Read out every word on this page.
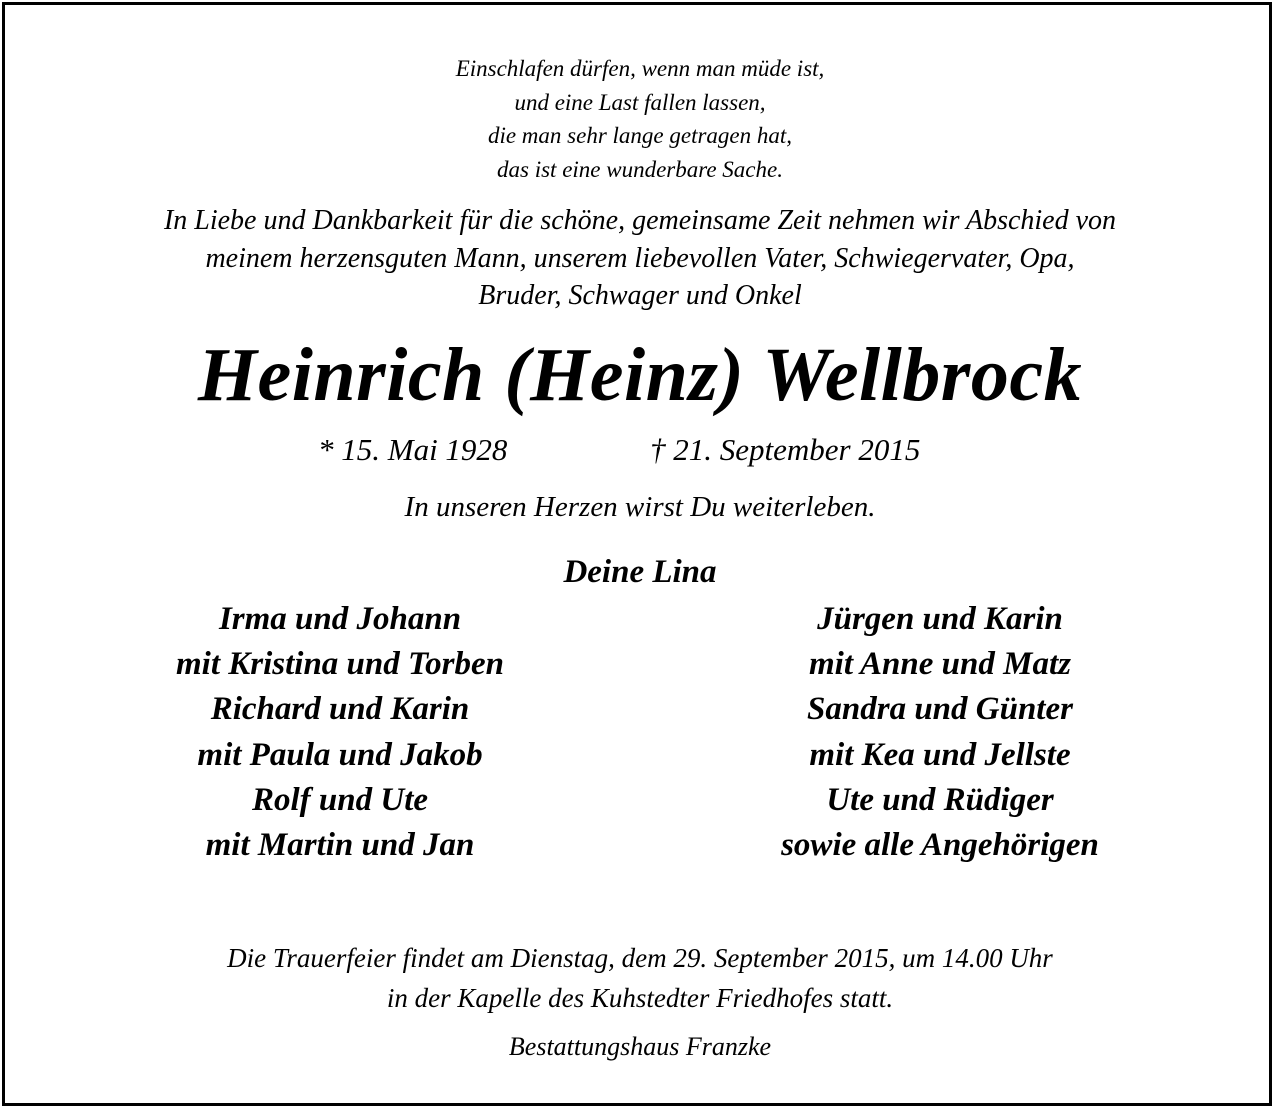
Einschlafen dürfen, wenn man müde ist,
und eine Last fallen lassen,
die man sehr lange getragen hat,
das ist eine wunderbare Sache.
In Liebe und Dankbarkeit für die schöne, gemeinsame Zeit nehmen wir Abschied von
meinem herzensguten Mann, unserem liebevollen Vater, Schwiegervater, Opa,
Bruder, Schwager und Onkel
Heinrich (Heinz) Wellbrock
* 15. Mai 1928	† 21. September 2015
In unseren Herzen wirst Du weiterleben.
Deine Lina
Irma und Johann
mit Kristina und Torben
Richard und Karin
mit Paula und Jakob
Rolf und Ute
mit Martin und Jan
Jürgen und Karin
mit Anne und Matz
Sandra und Günter
mit Kea und Jellste
Ute und Rüdiger
sowie alle Angehörigen
Die Trauerfeier findet am Dienstag, dem 29. September 2015, um 14.00 Uhr
in der Kapelle des Kuhstedter Friedhofes statt.
Bestattungshaus Franzke
